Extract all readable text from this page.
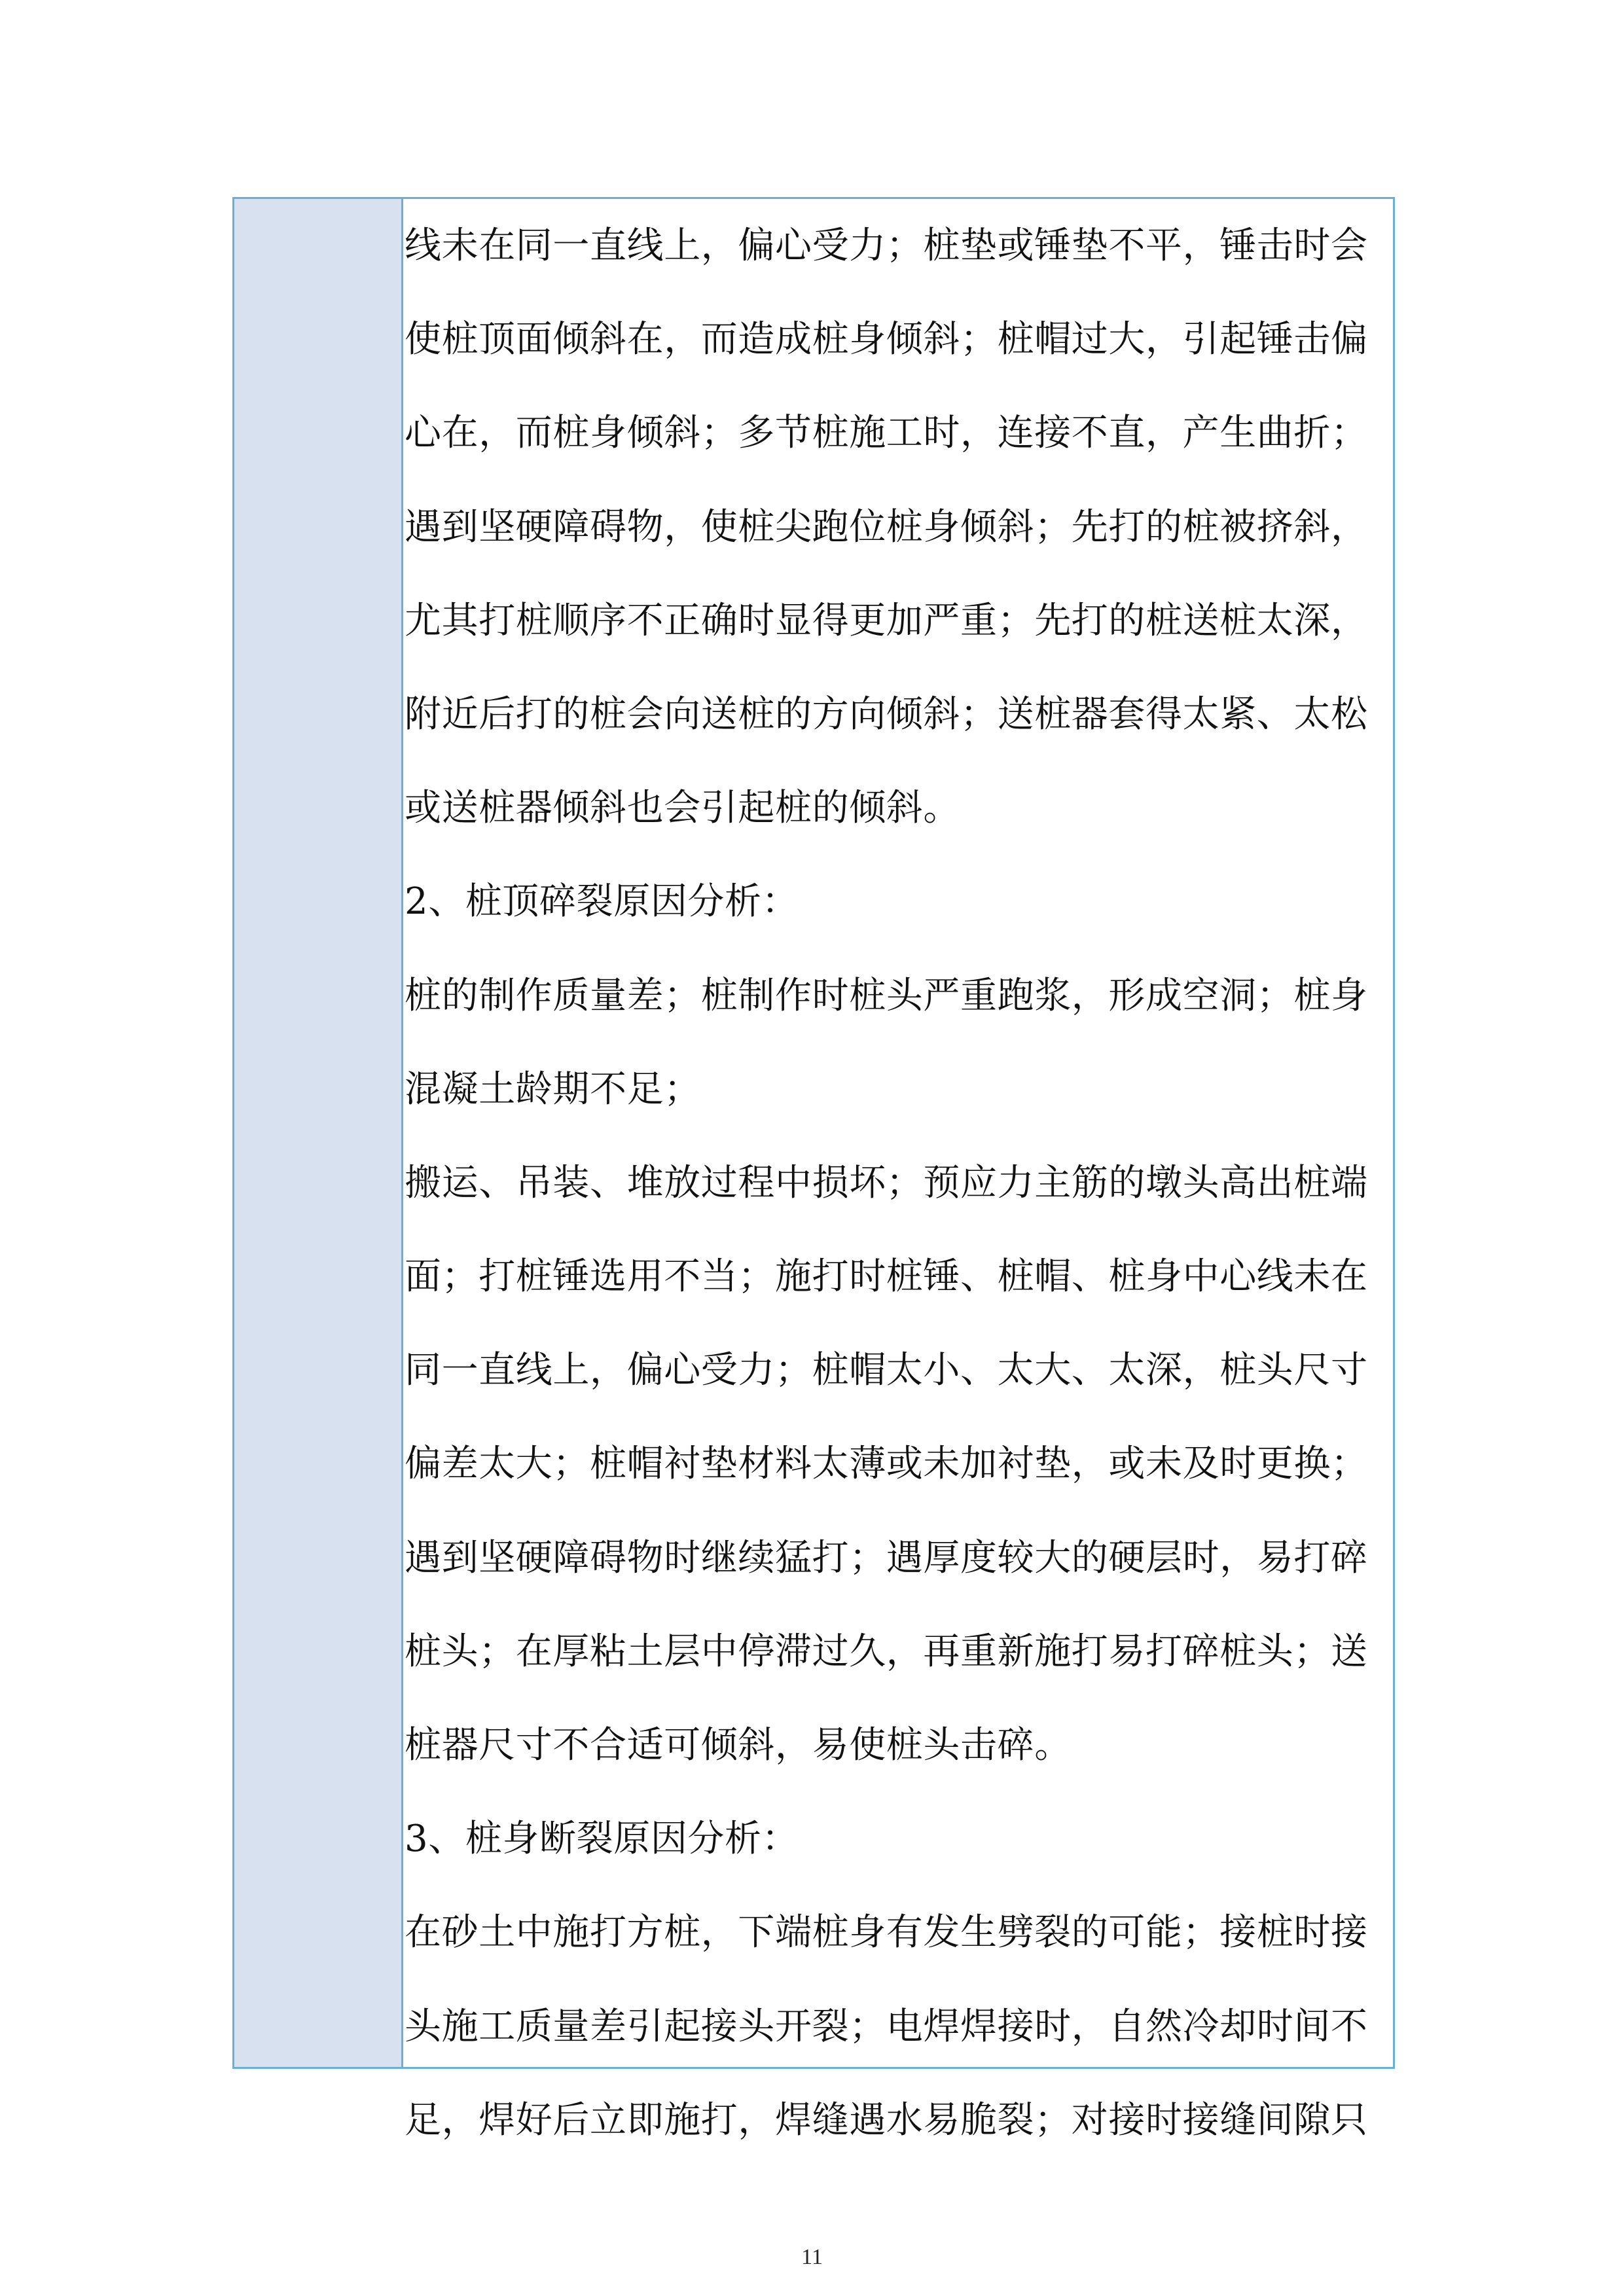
线未在同一直线上，偏心受力；桩垫或锤垫不平，锤击时会
使桩顶面倾斜在，而造成桩身倾斜；桩帽过大，引起锤击偏
心在，而桩身倾斜；多节桩施工时，连接不直，产生曲折；
遇到坚硬障碍物，使桩尖跑位桩身倾斜；先打的桩被挤斜，
尤其打桩顺序不正确时显得更加严重；先打的桩送桩太深，
附近后打的桩会向送桩的方向倾斜；送桩器套得太紧、太松
或送桩器倾斜也会引起桩的倾斜。
2、桩顶碎裂原因分析：
桩的制作质量差；桩制作时桩头严重跑浆，形成空洞；桩身
混凝土龄期不足；
搬运、吊装、堆放过程中损坏；预应力主筋的墩头高出桩端
面；打桩锤选用不当；施打时桩锤、桩帽、桩身中心线未在
同一直线上，偏心受力；桩帽太小、太大、太深，桩头尺寸
偏差太大；桩帽衬垫材料太薄或未加衬垫，或未及时更换；
遇到坚硬障碍物时继续猛打；遇厚度较大的硬层时，易打碎
桩头；在厚粘土层中停滞过久，再重新施打易打碎桩头；送
桩器尺寸不合适可倾斜，易使桩头击碎。
3、桩身断裂原因分析：
在砂土中施打方桩，下端桩身有发生劈裂的可能；接桩时接
头施工质量差引起接头开裂；电焊焊接时，自然冷却时间不
足，焊好后立即施打，焊缝遇水易脆裂；对接时接缝间隙只
11
